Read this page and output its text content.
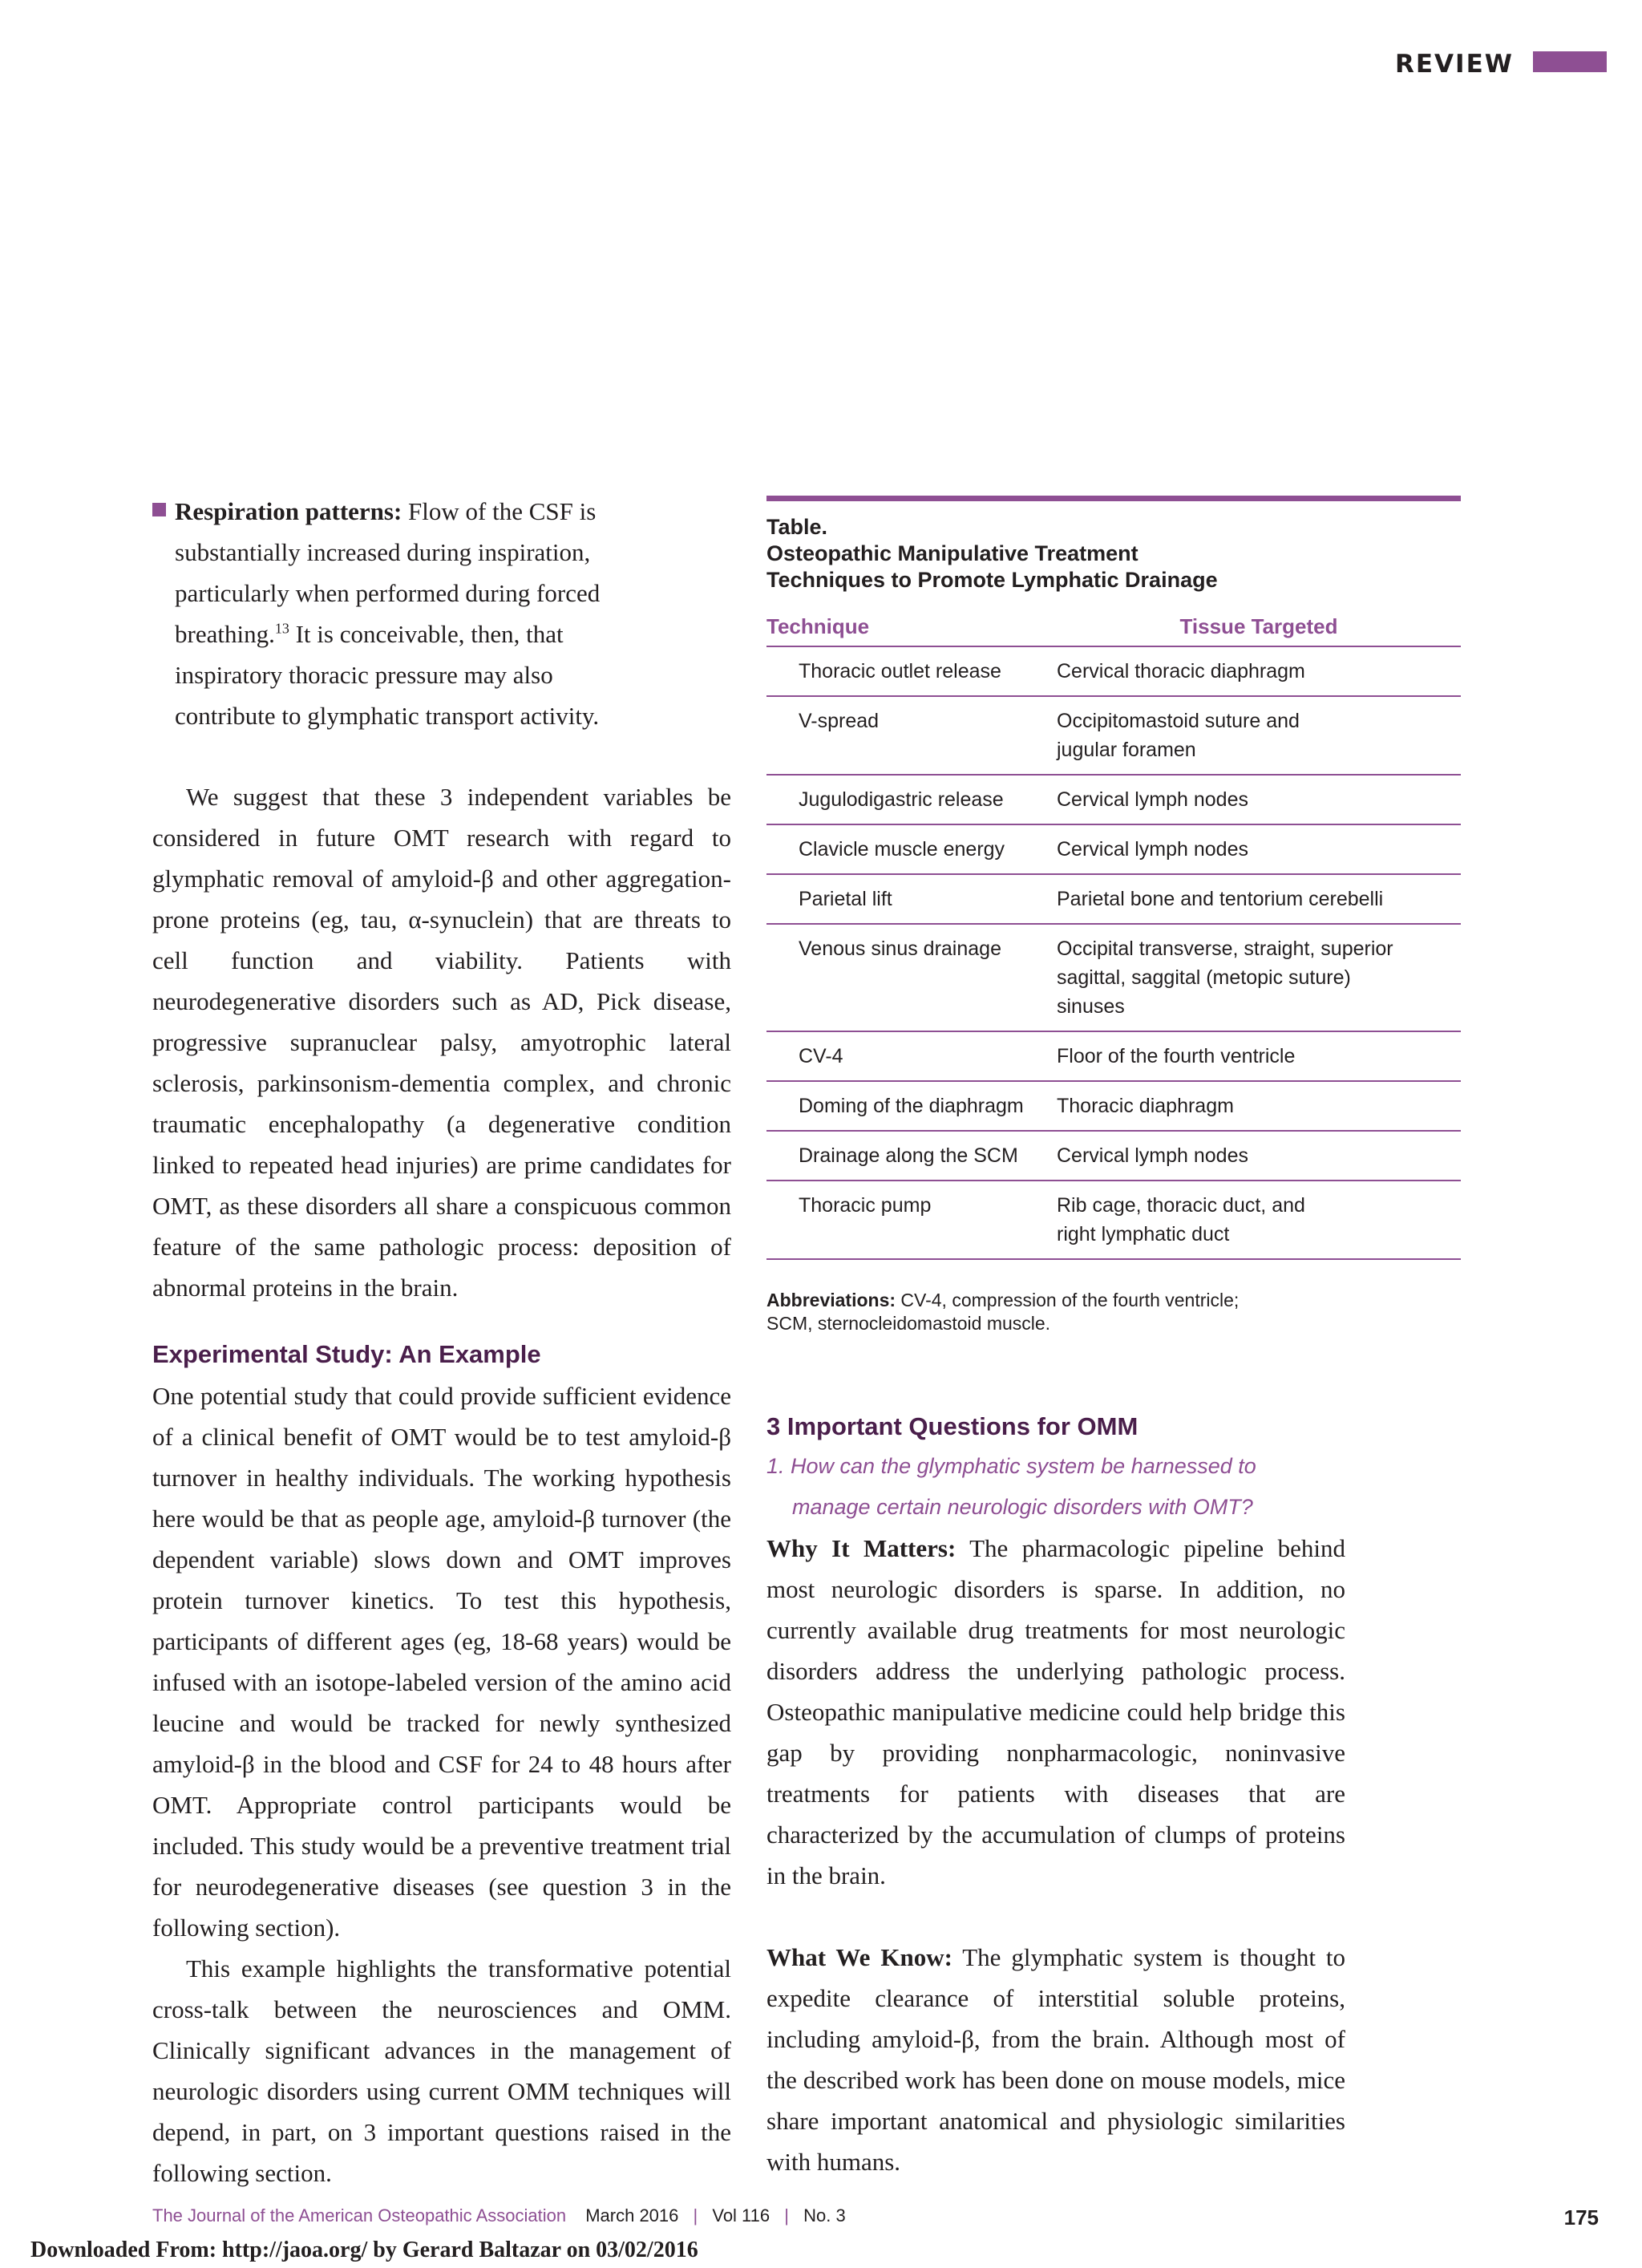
REVIEW
Respiration patterns: Flow of the CSF is substantially increased during inspiration, particularly when performed during forced breathing.$^{13}$ It is conceivable, then, that inspiratory thoracic pressure may also contribute to glymphatic transport activity.

We suggest that these 3 independent variables be considered in future OMT research with regard to glymphatic removal of amyloid-β and other aggregation-prone proteins (eg, tau, α-synuclein) that are threats to cell function and viability. Patients with neurodegenerative disorders such as AD, Pick disease, progressive supranuclear palsy, amyotrophic lateral sclerosis, parkinsonism-dementia complex, and chronic traumatic encephalopathy (a degenerative condition linked to repeated head injuries) are prime candidates for OMT, as these disorders all share a conspicuous common feature of the same pathologic process: deposition of abnormal proteins in the brain.

Experimental Study: An Example

One potential study that could provide sufficient evidence of a clinical benefit of OMT would be to test amyloid-β turnover in healthy individuals. The working hypothesis here would be that as people age, amyloid-β turnover (the dependent variable) slows down and OMT improves protein turnover kinetics. To test this hypothesis, participants of different ages (eg, 18-68 years) would be infused with an isotope-labeled version of the amino acid leucine and would be tracked for newly synthesized amyloid-β in the blood and CSF for 24 to 48 hours after OMT. Appropriate control participants would be included. This study would be a preventive treatment trial for neurodegenerative diseases (see question 3 in the following section).

This example highlights the transformative potential cross-talk between the neurosciences and OMM. Clinically significant advances in the management of neurologic disorders using current OMM techniques will depend, in part, on 3 important questions raised in the following section.

Table.
Osteopathic Manipulative Treatment
Techniques to Promote Lymphatic Drainage
Technique	Tissue Targeted
Thoracic outlet release	Cervical thoracic diaphragm
V-spread	Occipitomastoid suture and jugular foramen
Jugulodigastric release	Cervical lymph nodes
Clavicle muscle energy	Cervical lymph nodes
Parietal lift	Parietal bone and tentorium cerebelli
Venous sinus drainage	Occipital transverse, straight, superior sagittal, saggital (metopic suture) sinuses
CV-4	Floor of the fourth ventricle
Doming of the diaphragm	Thoracic diaphragm
Drainage along the SCM	Cervical lymph nodes
Thoracic pump	Rib cage, thoracic duct, and right lymphatic duct
Abbreviations: CV-4, compression of the fourth ventricle; SCM, sternocleidomastoid muscle.
3 Important Questions for OMM
1. How can the glymphatic system be harnessed to
manage certain neurologic disorders with OMT?

Why It Matters: The pharmacologic pipeline behind most neurologic disorders is sparse. In addition, no currently available drug treatments for most neurologic disorders address the underlying pathologic process. Osteopathic manipulative medicine could help bridge this gap by providing nonpharmacologic, noninvasive treatments for patients with diseases that are characterized by the accumulation of clumps of proteins in the brain.

What We Know: The glymphatic system is thought to expedite clearance of interstitial soluble proteins, including amyloid-β, from the brain. Although most of the described work has been done on mouse models, mice share important anatomical and physiologic similarities with humans.

The Journal of the American Osteopathic Association March 2016 | Vol 116 | No. 3	175
Downloaded From: http://jaoa.org/ by Gerard Baltazar on 03/02/2016
